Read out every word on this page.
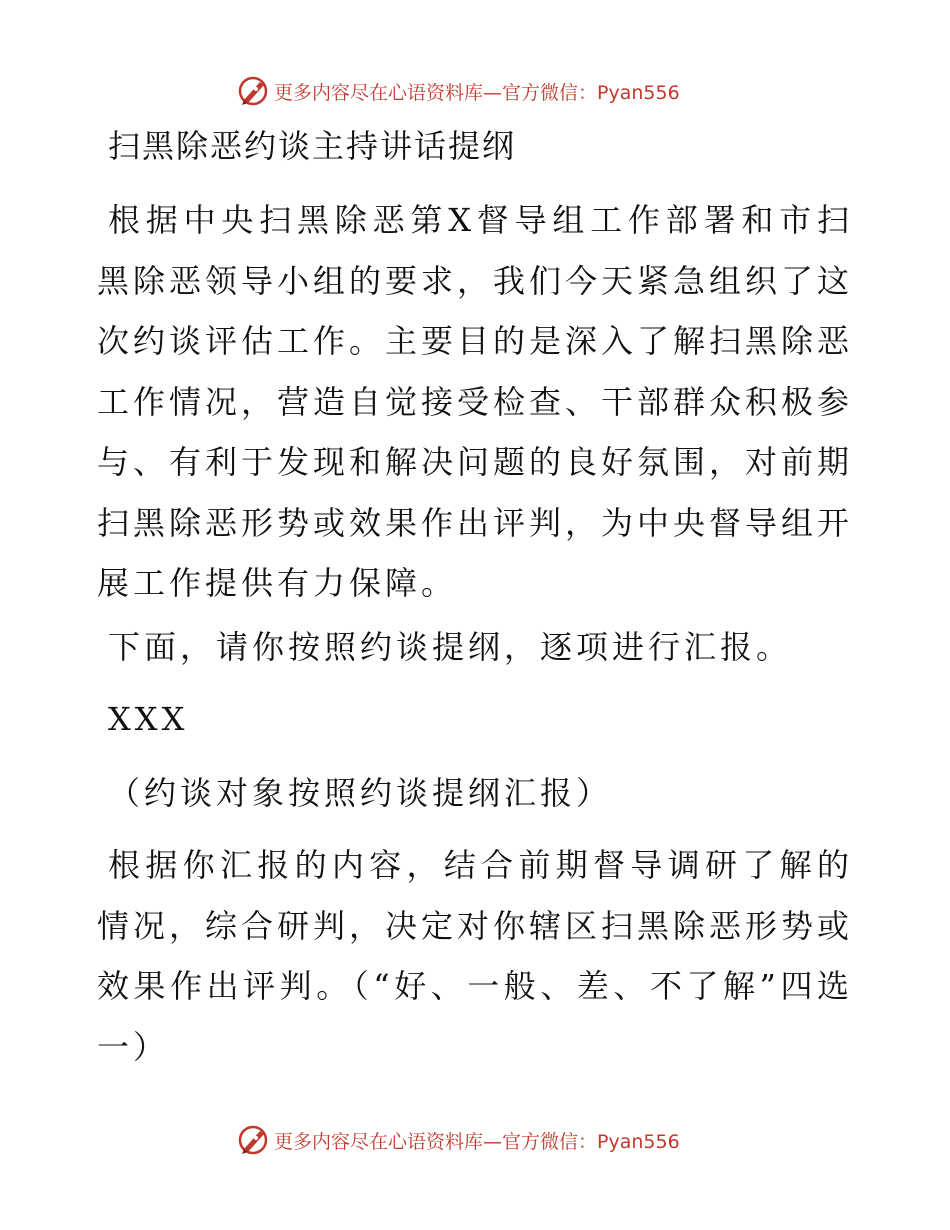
更多内容尽在心语资料库—官方微信：Pyan556
扫黑除恶约谈主持讲话提纲

根据中央扫黑除恶第X督导组工作部署和市扫黑除恶领导小组的要求，我们今天紧急组织了这次约谈评估工作。主要目的是深入了解扫黑除恶工作情况，营造自觉接受检查、干部群众积极参与、有利于发现和解决问题的良好氛围，对前期扫黑除恶形势或效果作出评判，为中央督导组开展工作提供有力保障。

下面，请你按照约谈提纲，逐项进行汇报。

XXX

（约谈对象按照约谈提纲汇报）

根据你汇报的内容，结合前期督导调研了解的情况，综合研判，决定对你辖区扫黑除恶形势或效果作出评判。（“好、一般、差、不了解”四选一）

更多内容尽在心语资料库—官方微信：Pyan556
